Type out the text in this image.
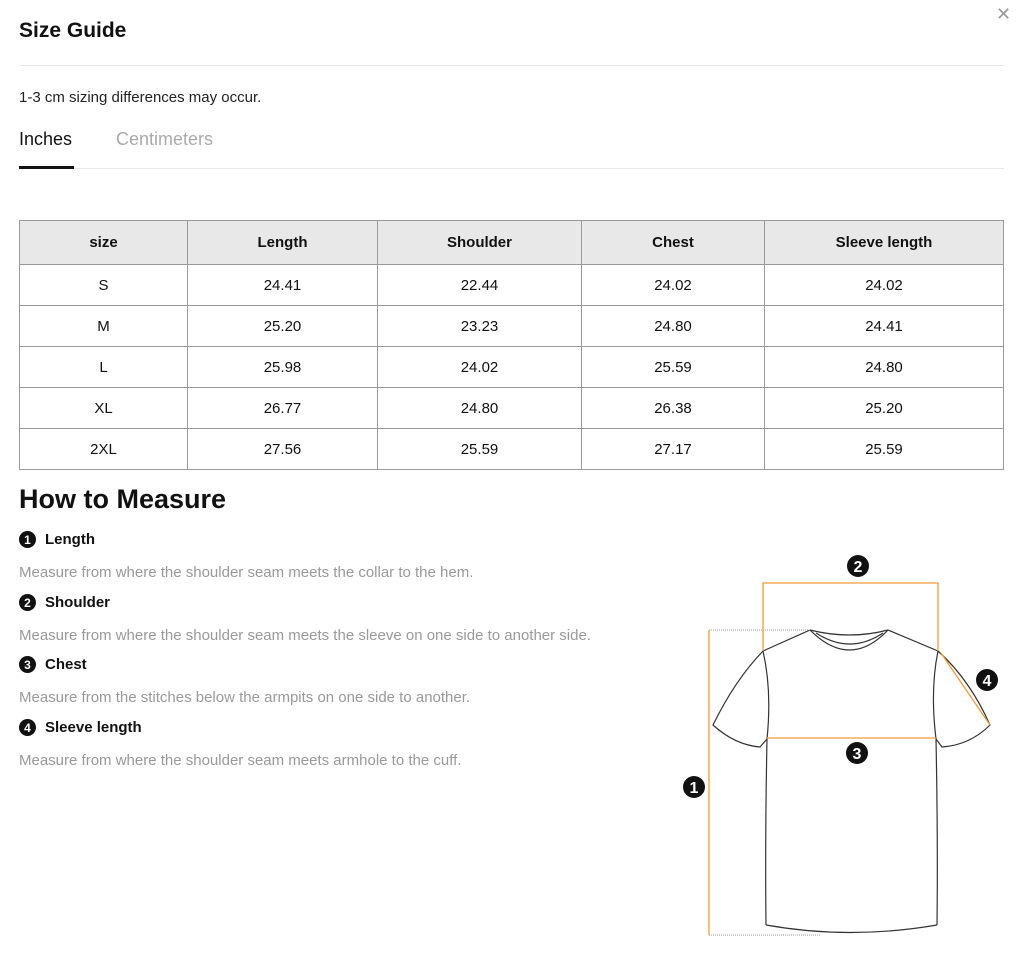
Size Guide
✕
1-3 cm sizing differences may occur.
Inches Centimeters
size	Length	Shoulder	Chest	Sleeve length
S	24.41	22.44	24.02	24.02
M	25.20	23.23	24.80	24.41
L	25.98	24.02	25.59	24.80
XL	26.77	24.80	26.38	25.20
2XL	27.56	25.59	27.17	25.59
How to Measure
1 Length
Measure from where the shoulder seam meets the collar to the hem.
2 Shoulder
Measure from where the shoulder seam meets the sleeve on one side to another side.
3 Chest
Measure from the stitches below the armpits on one side to another.
4 Sleeve length
Measure from where the shoulder seam meets armhole to the cuff.
2
4
3
1
